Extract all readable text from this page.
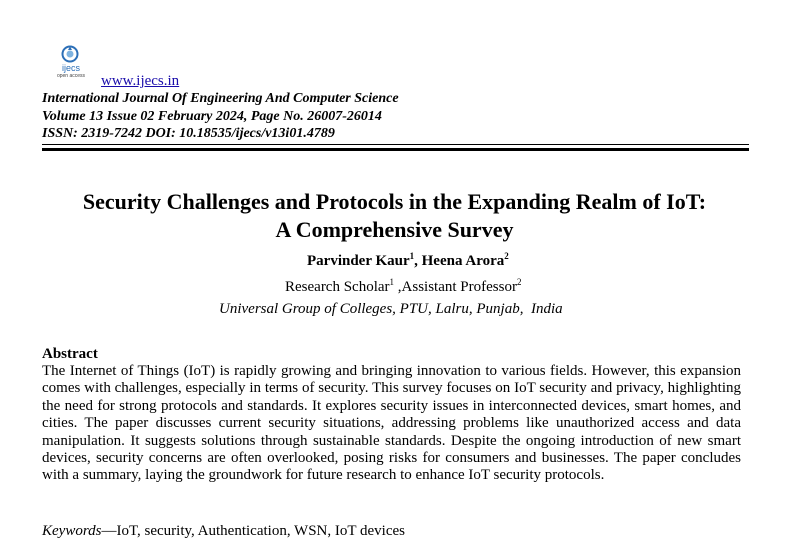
ijecs
open access	www.ijecs.in
International Journal Of Engineering And Computer Science
Volume 13 Issue 02 February 2024, Page No. 26007-26014
ISSN: 2319-7242 DOI: 10.18535/ijecs/v13i01.4789
Security Challenges and Protocols in the Expanding Realm of IoT:
A Comprehensive Survey
Parvinder Kaur$^1$, Heena Arora$^2$
Research Scholar$^1$ ,Assistant Professor$^2$
Universal Group of Colleges, PTU, Lalru, Punjab,  India
Abstract
The Internet of Things (IoT) is rapidly growing and bringing innovation to various fields. However, this expansion comes with challenges, especially in terms of security. This survey focuses on IoT security and privacy, highlighting the need for strong protocols and standards. It explores security issues in interconnected devices, smart homes, and cities. The paper discusses current security situations, addressing problems like unauthorized access and data manipulation. It suggests solutions through sustainable standards. Despite the ongoing introduction of new smart devices, security concerns are often overlooked, posing risks for consumers and businesses. The paper concludes with a summary, laying the groundwork for future research to enhance IoT security protocols.
Keywords—IoT, security, Authentication, WSN, IoT devices
